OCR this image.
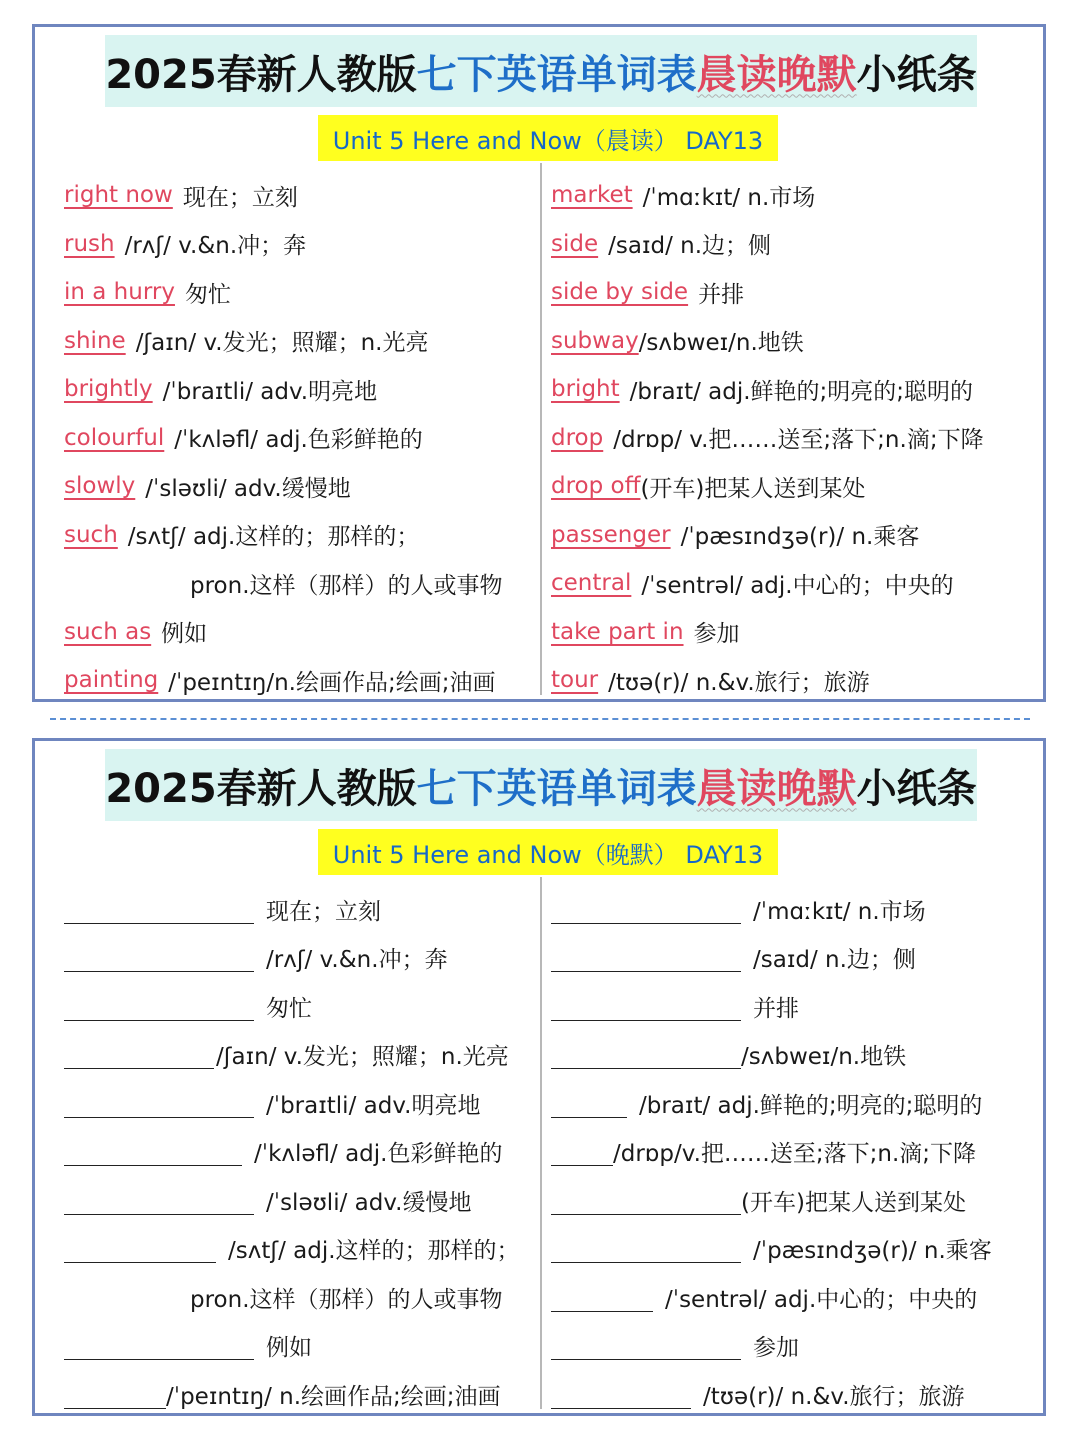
2025春新人教版 七下英语单词表 晨读晚默 小纸条
Unit 5 Here and Now（晨读） DAY13
right now 现在；立刻
rush /rʌʃ/ v.&n.冲；奔
in a hurry 匆忙
shine /ʃaɪn/ v.发光；照耀；n.光亮
brightly /ˈbraɪtli/ adv.明亮地
colourful /ˈkʌləfl/ adj.色彩鲜艳的
slowly /ˈsləʊli/ adv.缓慢地
such /sʌtʃ/ adj.这样的；那样的；
pron.这样（那样）的人或事物
such as 例如
painting /ˈpeɪntɪŋ/n.绘画作品;绘画;油画
market /ˈmɑːkɪt/ n.市场
side /saɪd/ n.边；侧
side by side 并排
subway /sʌbweɪ/n.地铁
bright /braɪt/ adj.鲜艳的;明亮的;聪明的
drop /drɒp/ v.把……送至;落下;n.滴;下降
drop off (开车)把某人送到某处
passenger /ˈpæsɪndʒə(r)/ n.乘客
central /ˈsentrəl/ adj.中心的；中央的
take part in 参加
tour /tʊə(r)/ n.&v.旅行；旅游
2025春新人教版 七下英语单词表 晨读晚默 小纸条
Unit 5 Here and Now（晚默） DAY13
现在；立刻
/rʌʃ/ v.&n.冲；奔
匆忙
/ʃaɪn/ v.发光；照耀；n.光亮
/ˈbraɪtli/ adv.明亮地
/ˈkʌləfl/ adj.色彩鲜艳的
/ˈsləʊli/ adv.缓慢地
/sʌtʃ/ adj.这样的；那样的；
pron.这样（那样）的人或事物
例如
/ˈpeɪntɪŋ/ n.绘画作品;绘画;油画
/ˈmɑːkɪt/ n.市场
/saɪd/ n.边；侧
并排
/sʌbweɪ/n.地铁
/braɪt/ adj.鲜艳的;明亮的;聪明的
/drɒp/v.把……送至;落下;n.滴;下降
(开车)把某人送到某处
/ˈpæsɪndʒə(r)/ n.乘客
/ˈsentrəl/ adj.中心的；中央的
参加
/tʊə(r)/ n.&v.旅行；旅游
